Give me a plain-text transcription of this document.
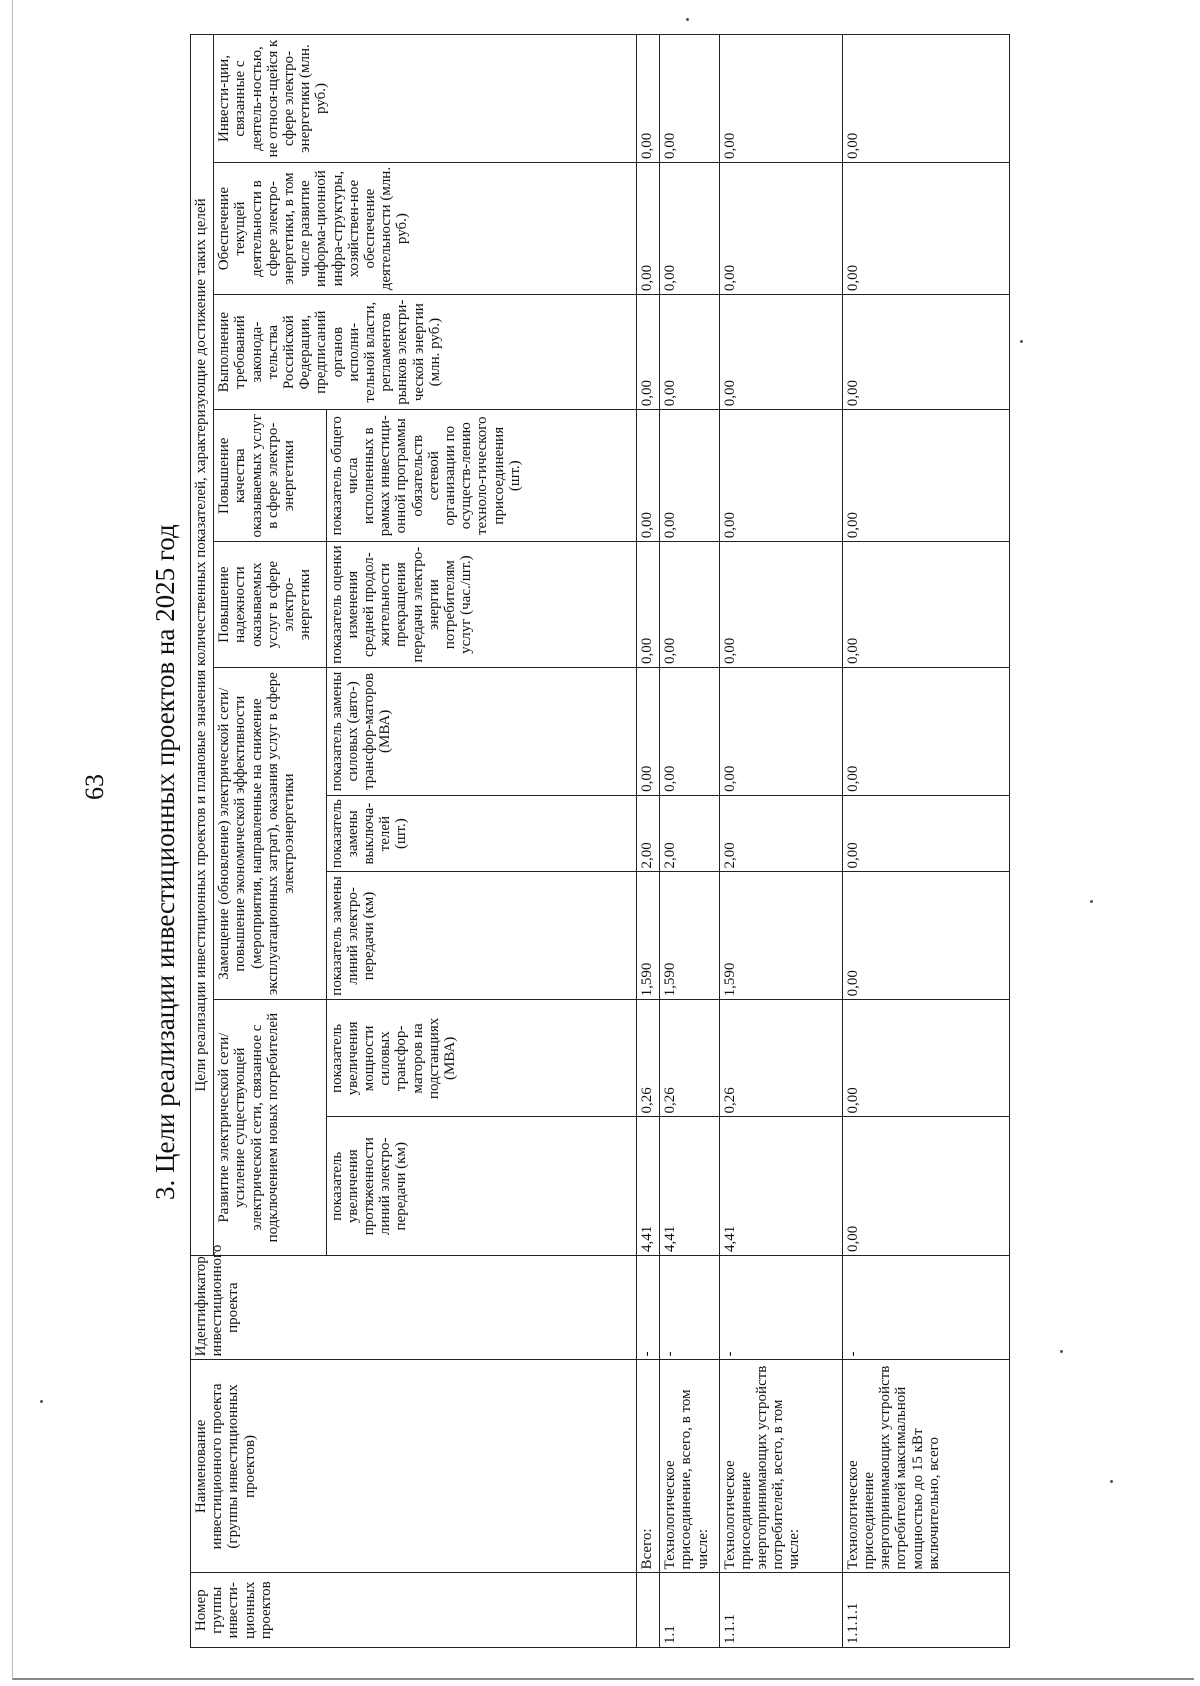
63 3. Цели реализации инвестиционных проектов на 2025 год
Номер группы инвести-ционных проектов	Наименование инвестиционного проекта (группы инвестиционных проектов)	Идентификатор инвестиционного проекта	Цели реализации инвестиционных проектов и плановые значения количественных показателей, характеризующие достижение таких целей									
			Развитие электрической сети/усиление существующей электрической сети, связанное с подключением новых потребителей		Замещение (обновление) электрической сети/повышение экономической эффективности (мероприятия, направленные на снижение эксплуатационных затрат), оказания услуг в сфере электроэнергетики			Повышение надежности оказываемых услуг в сфере электро-энергетики	Повышение качества оказываемых услуг в сфере электро-энергетики	Выполнение требований законода-тельства Российской Федерации, предписаний органов исполни-тельной власти, регламентов рынков электри-ческой энергии (млн. руб.)	Обеспечение текущей деятельности в сфере электро-энергетики, в том числе развитие информа-ционной инфра-структуры, хозяйствен-ное обеспечение деятельности (млн. руб.)	Инвести-ции, связанные с деятель-ностью, не относя-щейся к сфере электро-энергетики (млн. руб.)
			показатель увеличения протяженности линий электро-передачи (км)	показатель увеличения мощности силовых трансфор-маторов на подстанциях (МВА)	показатель замены линий электро-передачи (км)	показатель замены выключа-телей (шт.)	показатель замены силовых (авто-) трансфор-маторов (МВА)	показатель оценки изменения средней продол-жительности прекращения передачи электро-энергии потребителям услуг (час./шт.)	показатель общего числа исполненных в рамках инвестици-онной программы обязательств сетевой организации по осуществ-лению техноло-гического присоединения (шт.)			
	Всего:	-	4,41	0,26	1,590	2,00	0,00	0,00	0,00	0,00	0,00	0,00
1.1	Технологическое присоединение, всего, в том числе:	-	4,41	0,26	1,590	2,00	0,00	0,00	0,00	0,00	0,00	0,00
1.1.1	Технологическое присоединение энергопринимающих устройств потребителей, всего, в том числе:	-	4,41	0,26	1,590	2,00	0,00	0,00	0,00	0,00	0,00	0,00
1.1.1.1	Технологическое присоединение энергопринимающих устройств потребителей максимальной мощностью до 15 кВт включительно, всего	-	0,00	0,00	0,00	0,00	0,00	0,00	0,00	0,00	0,00	0,00
